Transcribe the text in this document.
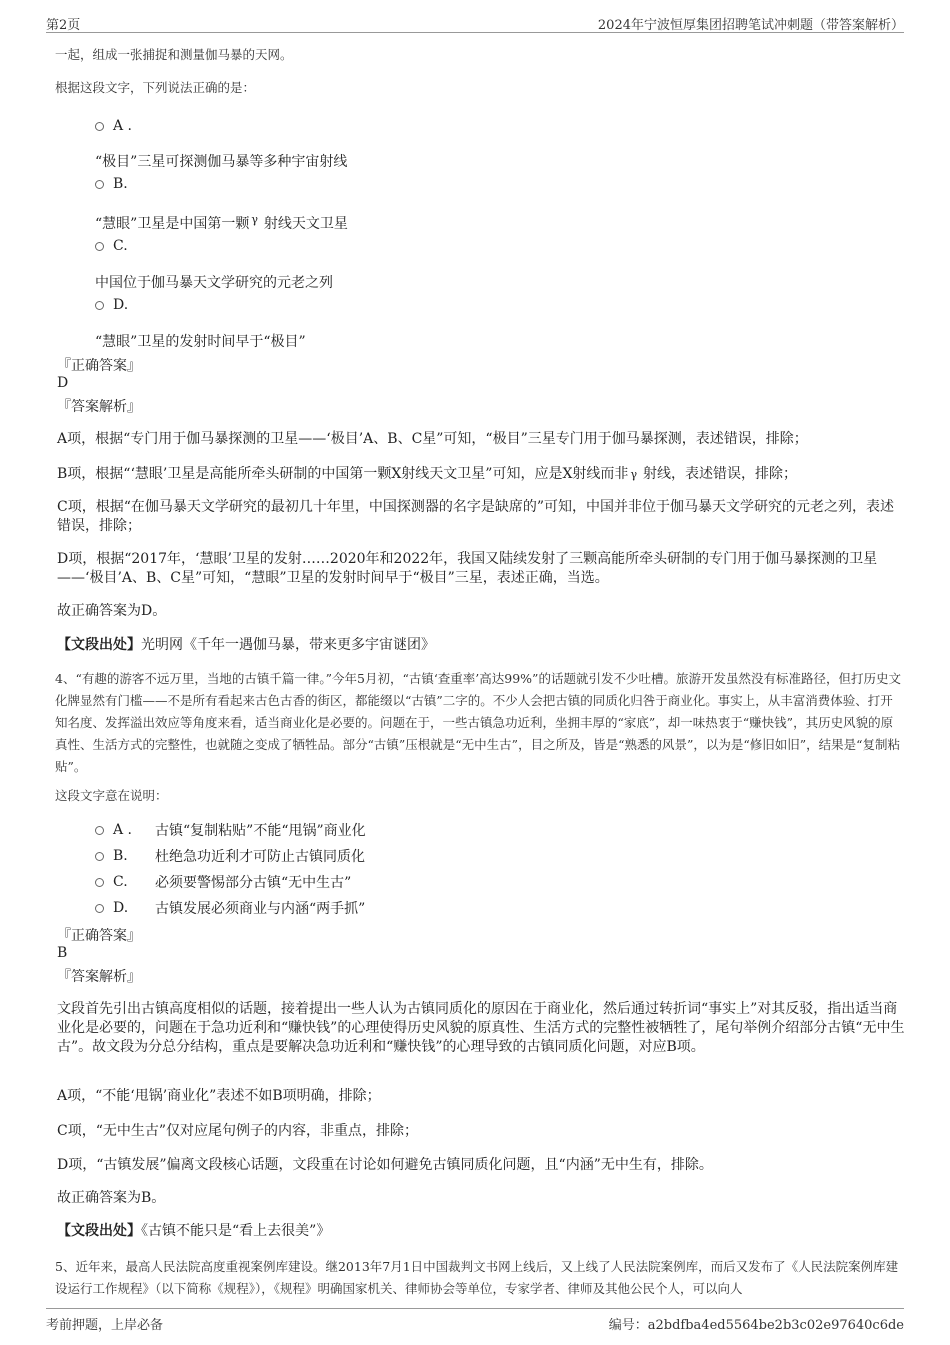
第2页	2024年宁波恒厚集团招聘笔试冲刺题（带答案解析）

一起，组成一张捕捉和测量伽马暴的天网。

根据这段文字，下列说法正确的是：

A .
“极目”三星可探测伽马暴等多种宇宙射线
B.
“慧眼”卫星是中国第一颗 γ 射线天文卫星
C.
中国位于伽马暴天文学研究的元老之列
D.
“慧眼”卫星的发射时间早于“极目”
『正确答案』
D
『答案解析』

A项，根据“专门用于伽马暴探测的卫星——‘极目’A、B、C星”可知，“极目”三星专门用于伽马暴探测，表述错误，排除；

B项，根据“‘慧眼’卫星是高能所牵头研制的中国第一颗X射线天文卫星”可知，应是X射线而非 γ 射线，表述错误，排除；

C项，根据“在伽马暴天文学研究的最初几十年里，中国探测器的名字是缺席的”可知，中国并非位于伽马暴天文学研究的元老之列，表述错误，排除；

D项，根据“2017年，‘慧眼’卫星的发射……2020年和2022年，我国又陆续发射了三颗高能所牵头研制的专门用于伽马暴探测的卫星——‘极目’A、B、C星”可知，“慧眼”卫星的发射时间早于“极目”三星，表述正确，当选。

故正确答案为D。

【文段出处】光明网《千年一遇伽马暴，带来更多宇宙谜团》

4、“有趣的游客不远万里，当地的古镇千篇一律。”今年5月初，“古镇‘查重率’高达99%”的话题就引发不少吐槽。旅游开发虽然没有标准路径，但打历史文化牌显然有门槛——不是所有看起来古色古香的街区，都能缀以“古镇”二字的。不少人会把古镇的同质化归咎于商业化。事实上，从丰富消费体验、打开知名度、发挥溢出效应等角度来看，适当商业化是必要的。问题在于，一些古镇急功近利，坐拥丰厚的“家底”，却一味热衷于“赚快钱”，其历史风貌的原真性、生活方式的完整性，也就随之变成了牺牲品。部分“古镇”压根就是“无中生古”，目之所及，皆是“熟悉的风景”，以为是“修旧如旧”，结果是“复制粘贴”。

这段文字意在说明：

A .	古镇“复制粘贴”不能“甩锅”商业化
B.	杜绝急功近利才可防止古镇同质化
C.	必须要警惕部分古镇“无中生古”
D.	古镇发展必须商业与内涵“两手抓”
『正确答案』
B
『答案解析』

文段首先引出古镇高度相似的话题，接着提出一些人认为古镇同质化的原因在于商业化，然后通过转折词“事实上”对其反驳，指出适当商业化是必要的，问题在于急功近利和“赚快钱”的心理使得历史风貌的原真性、生活方式的完整性被牺牲了，尾句举例介绍部分古镇“无中生古”。故文段为分总分结构，重点是要解决急功近利和“赚快钱”的心理导致的古镇同质化问题，对应B项。

A项，“不能‘甩锅’商业化”表述不如B项明确，排除；

C项，“无中生古”仅对应尾句例子的内容，非重点，排除；

D项，“古镇发展”偏离文段核心话题，文段重在讨论如何避免古镇同质化问题，且“内涵”无中生有，排除。

故正确答案为B。

【文段出处】《古镇不能只是“看上去很美”》

5、近年来，最高人民法院高度重视案例库建设。继2013年7月1日中国裁判文书网上线后，又上线了人民法院案例库，而后又发布了《人民法院案例库建设运行工作规程》（以下简称《规程》），《规程》明确国家机关、律师协会等单位，专家学者、律师及其他公民个人，可以向人

考前押题，上岸必备	编号：a2bdfba4ed5564be2b3c02e97640c6de
